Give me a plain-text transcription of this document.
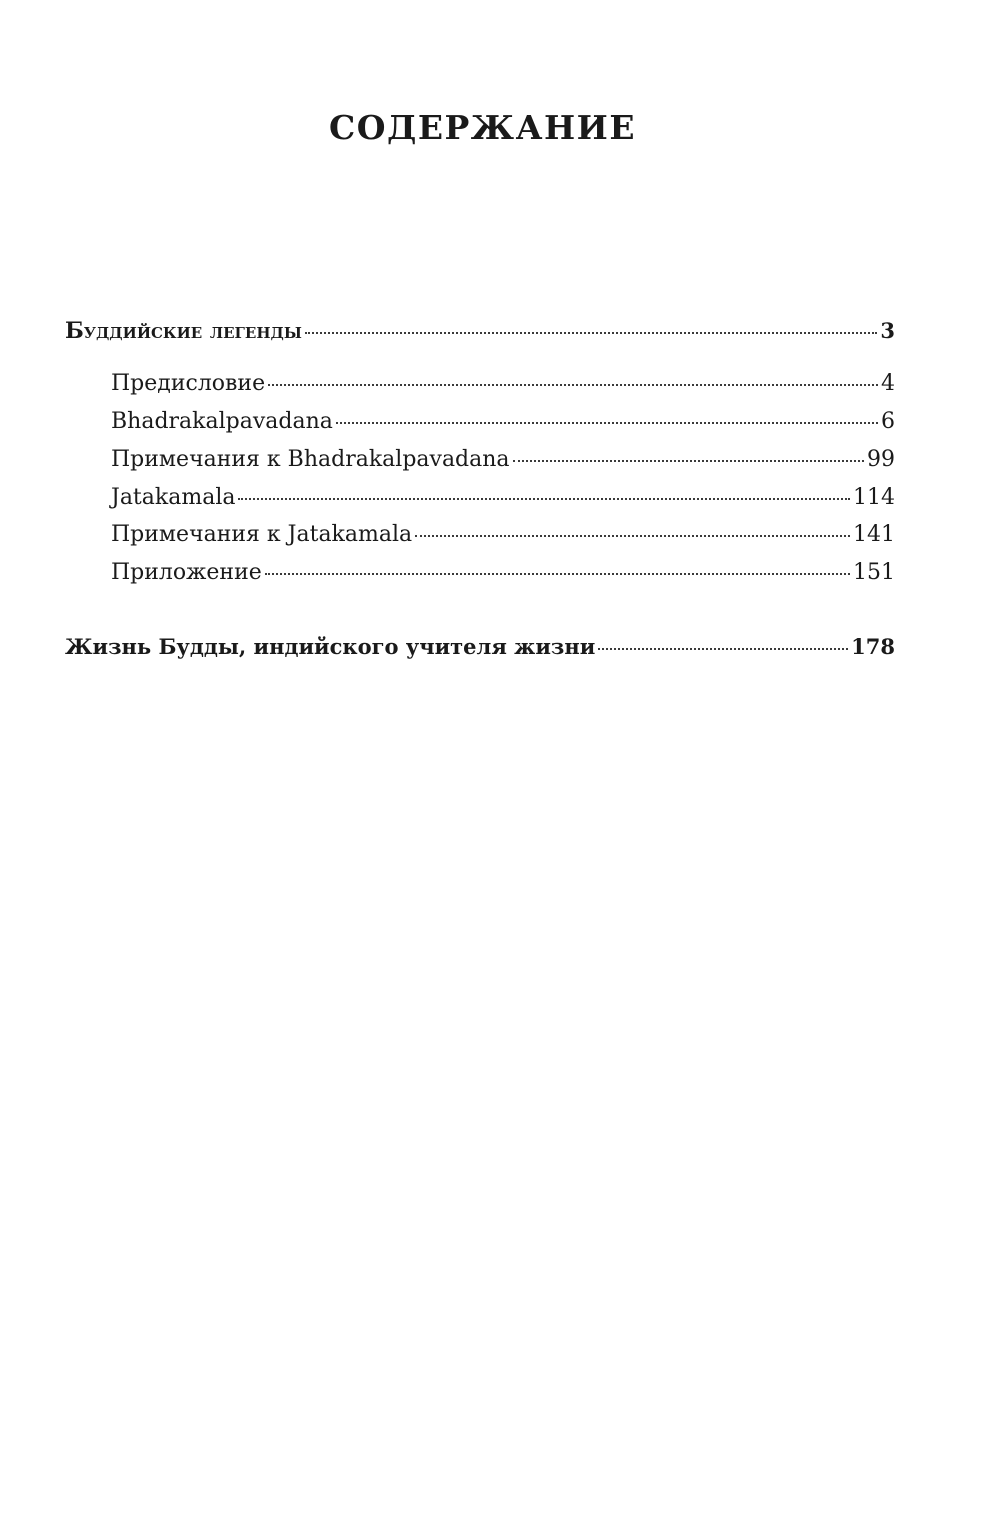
СОДЕРЖАНИЕ
Буддийские легенды	3
Предисловие	4
Bhadrakalpavadana	6
Примечания к Bhadrakalpavadana	99
Jatakamala	114
Примечания к Jatakamala	141
Приложение	151
Жизнь Будды, индийского учителя жизни	178
